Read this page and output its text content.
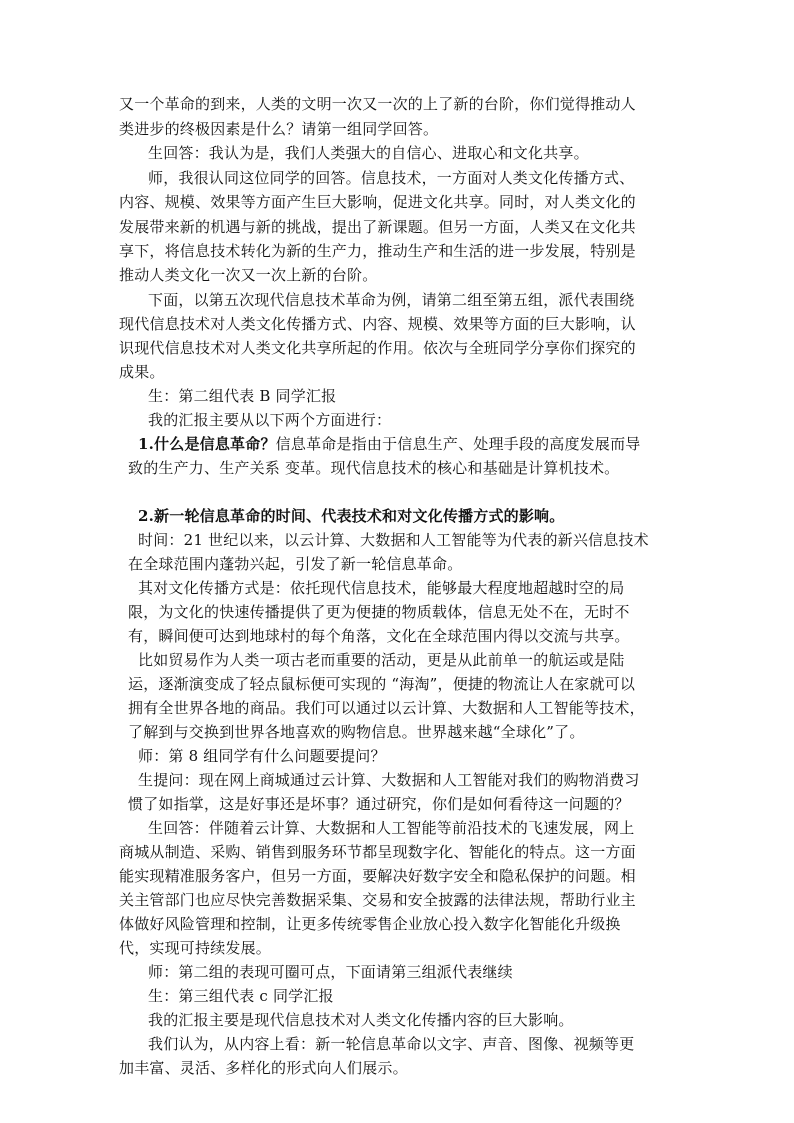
又一个革命的到来，人类的文明一次又一次的上了新的台阶，你们觉得推动人
类进步的终极因素是什么？请第一组同学回答。
生回答：我认为是，我们人类强大的自信心、进取心和文化共享。
师，我很认同这位同学的回答。信息技术，一方面对人类文化传播方式、
内容、规模、效果等方面产生巨大影响，促进文化共享。同时，对人类文化的
发展带来新的机遇与新的挑战，提出了新课题。但另一方面，人类又在文化共
享下，将信息技术转化为新的生产力，推动生产和生活的进一步发展，特别是
推动人类文化一次又一次上新的台阶。
下面，以第五次现代信息技术革命为例，请第二组至第五组，派代表围绕
现代信息技术对人类文化传播方式、内容、规模、效果等方面的巨大影响，认
识现代信息技术对人类文化共享所起的作用。依次与全班同学分享你们探究的
成果。
生：第二组代表 B 同学汇报
我的汇报主要从以下两个方面进行：
1.什么是信息革命？信息革命是指由于信息生产、处理手段的高度发展而导
致的生产力、生产关系 变革。现代信息技术的核心和基础是计算机技术。
2.新一轮信息革命的时间、代表技术和对文化传播方式的影响。
时间：21 世纪以来，以云计算、大数据和人工智能等为代表的新兴信息技术
在全球范围内蓬勃兴起，引发了新一轮信息革命。
其对文化传播方式是：依托现代信息技术，能够最大程度地超越时空的局
限，为文化的快速传播提供了更为便捷的物质载体，信息无处不在，无时不
有，瞬间便可达到地球村的每个角落，文化在全球范围内得以交流与共享。
比如贸易作为人类一项古老而重要的活动，更是从此前单一的航运或是陆
运，逐渐演变成了轻点鼠标便可实现的 “海淘”，便捷的物流让人在家就可以
拥有全世界各地的商品。我们可以通过以云计算、大数据和人工智能等技术，
了解到与交换到世界各地喜欢的购物信息。世界越来越“全球化”了。
师：第 8 组同学有什么问题要提问？
生提问：现在网上商城通过云计算、大数据和人工智能对我们的购物消费习
惯了如指掌，这是好事还是坏事？通过研究，你们是如何看待这一问题的？
生回答：伴随着云计算、大数据和人工智能等前沿技术的飞速发展，网上
商城从制造、采购、销售到服务环节都呈现数字化、智能化的特点。这一方面
能实现精准服务客户，但另一方面，要解决好数字安全和隐私保护的问题。相
关主管部门也应尽快完善数据采集、交易和安全披露的法律法规，帮助行业主
体做好风险管理和控制，让更多传统零售企业放心投入数字化智能化升级换
代，实现可持续发展。
师：第二组的表现可圈可点，下面请第三组派代表继续
生：第三组代表 c 同学汇报
我的汇报主要是现代信息技术对人类文化传播内容的巨大影响。
我们认为，从内容上看：新一轮信息革命以文字、声音、图像、视频等更
加丰富、灵活、多样化的形式向人们展示。
